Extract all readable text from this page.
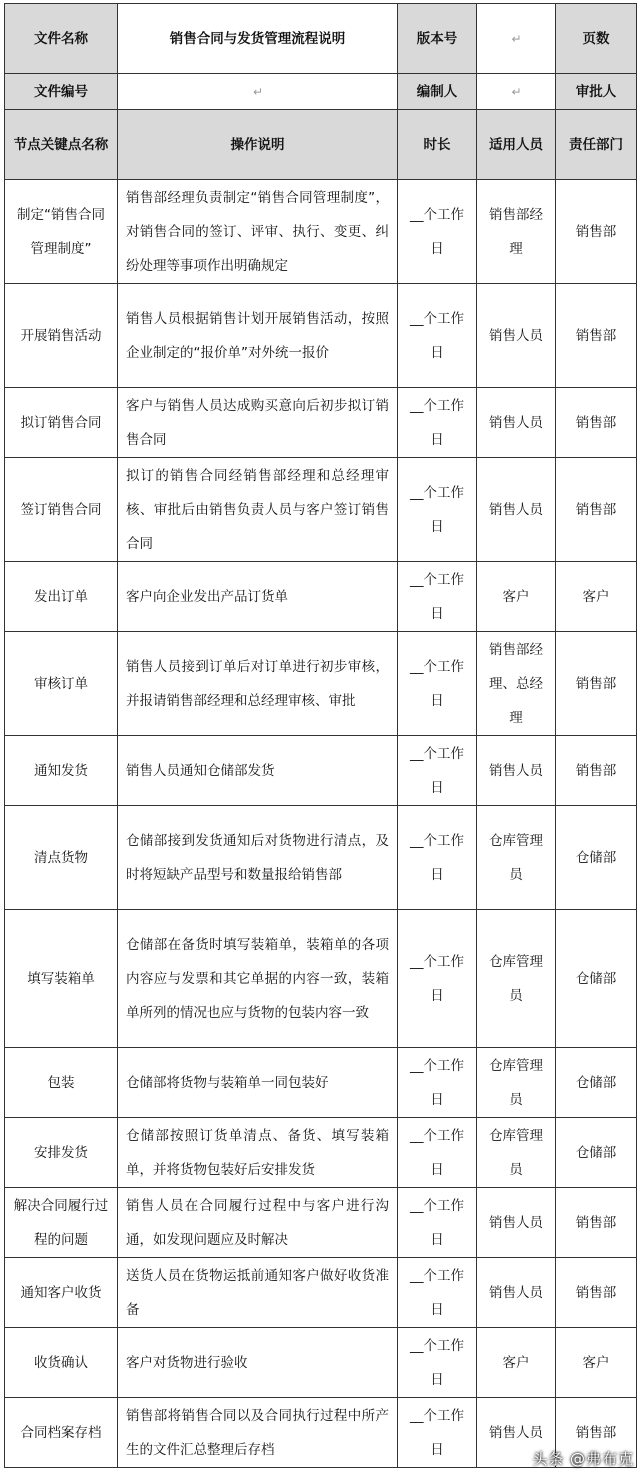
文件名称	销售合同与发货管理流程说明	版本号	↵	页数
文件编号	↵	编制人	↵	审批人
节点关键点名称	操作说明	时长	适用人员	责任部门
制定“销售合同管理制度”	销售部经理负责制定“销售合同管理制度”，对销售合同的签订、评审、执行、变更、纠纷处理等事项作出明确规定	__个工作日	销售部经理	销售部
开展销售活动	销售人员根据销售计划开展销售活动，按照企业制定的“报价单”对外统一报价	__个工作日	销售人员	销售部
拟订销售合同	客户与销售人员达成购买意向后初步拟订销售合同	__个工作日	销售人员	销售部
签订销售合同	拟订的销售合同经销售部经理和总经理审核、审批后由销售负责人员与客户签订销售合同	__个工作日	销售人员	销售部
发出订单	客户向企业发出产品订货单	__个工作日	客户	客户
审核订单	销售人员接到订单后对订单进行初步审核，并报请销售部经理和总经理审核、审批	__个工作日	销售部经理、总经理	销售部
通知发货	销售人员通知仓储部发货	__个工作日	销售人员	销售部
清点货物	仓储部接到发货通知后对货物进行清点，及时将短缺产品型号和数量报给销售部	__个工作日	仓库管理员	仓储部
填写装箱单	仓储部在备货时填写装箱单，装箱单的各项内容应与发票和其它单据的内容一致，装箱单所列的情况也应与货物的包装内容一致	__个工作日	仓库管理员	仓储部
包装	仓储部将货物与装箱单一同包装好	__个工作日	仓库管理员	仓储部
安排发货	仓储部按照订货单清点、备货、填写装箱单，并将货物包装好后安排发货	__个工作日	仓库管理员	仓储部
解决合同履行过程的问题	销售人员在合同履行过程中与客户进行沟通，如发现问题应及时解决	__个工作日	销售人员	销售部
通知客户收货	送货人员在货物运抵前通知客户做好收货准备	__个工作日	销售人员	销售部
收货确认	客户对货物进行验收	__个工作日	客户	客户
合同档案存档	销售部将销售合同以及合同执行过程中所产生的文件汇总整理后存档	__个工作日	销售人员	销售部
头条 @弗布克
